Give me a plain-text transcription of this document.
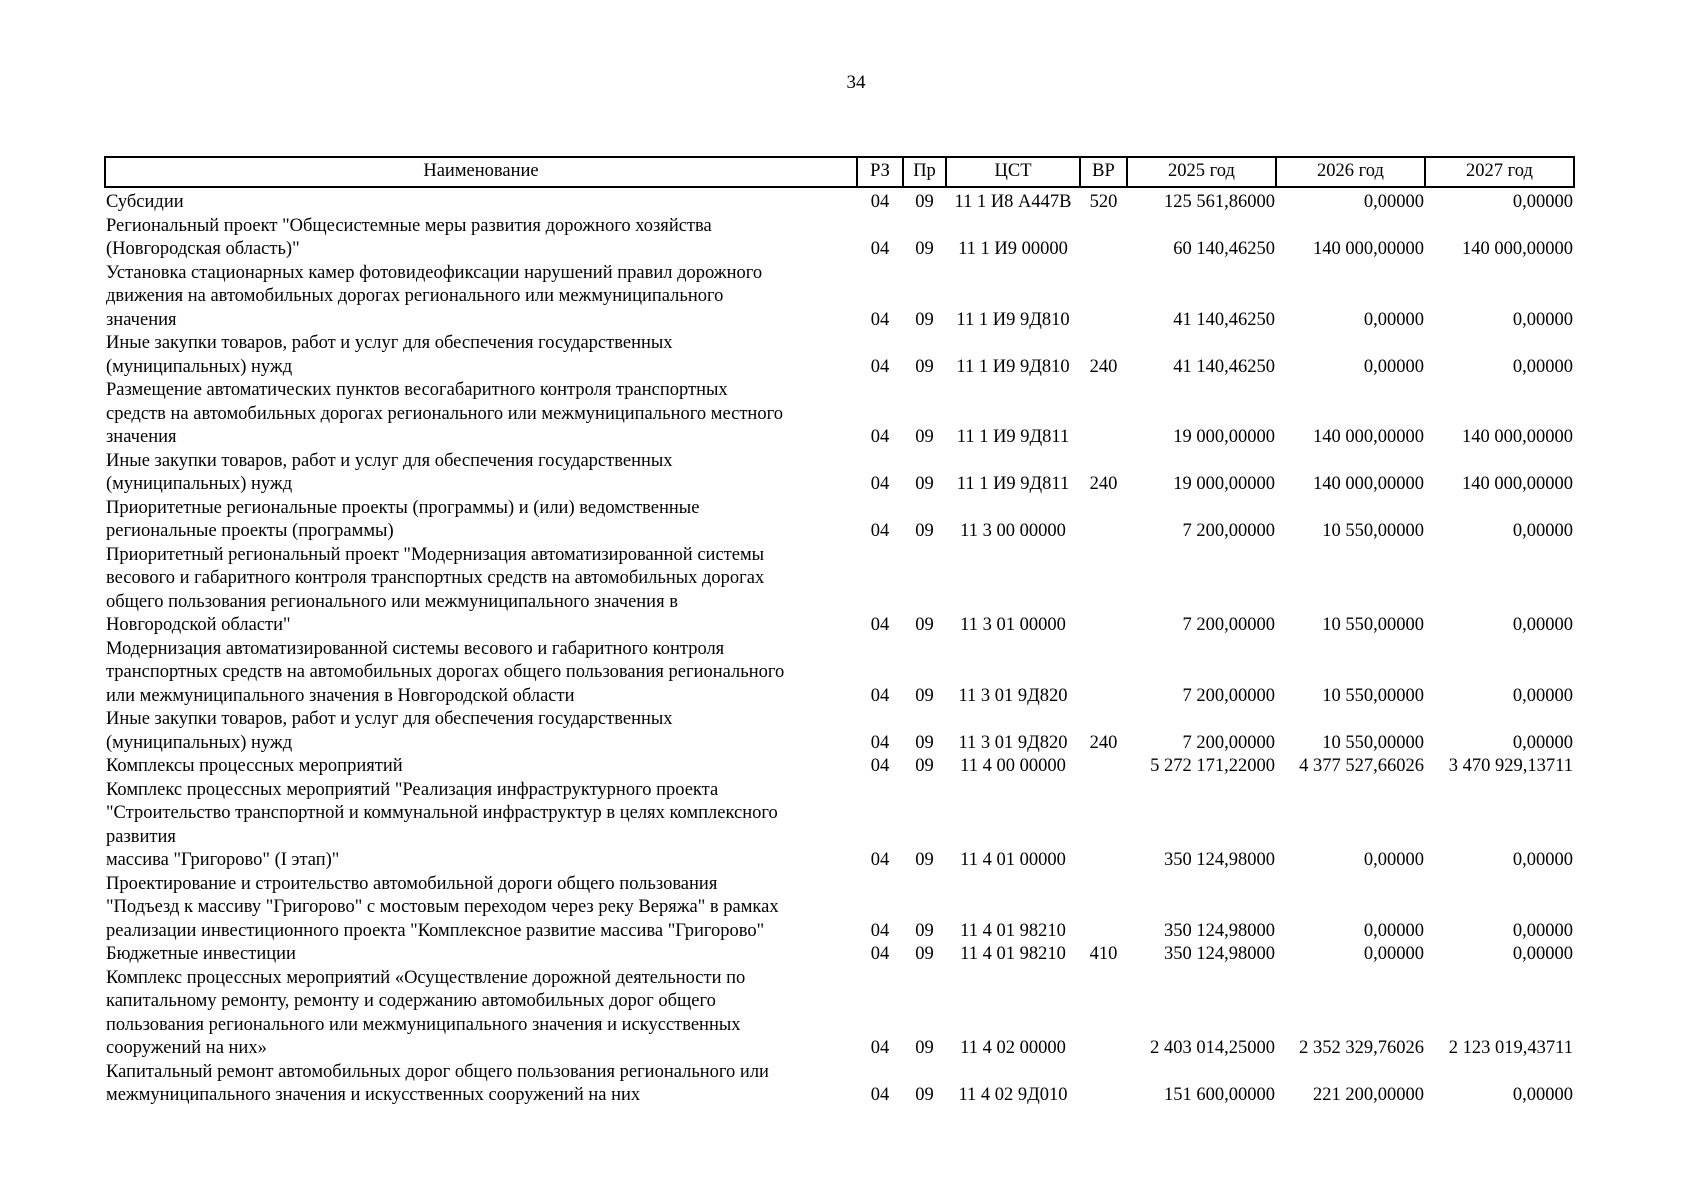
34
Наименование	РЗ	Пр	ЦСТ	ВР	2025 год	2026 год	2027 год
Субсидии	04	09	11 1 И8 А447В	520	125 561,86000	0,00000	0,00000
Региональный проект "Общесистемные меры развития дорожного хозяйства
(Новгородская область)"	04	09	11 1 И9 00000		60 140,46250	140 000,00000	140 000,00000
Установка стационарных камер фотовидеофиксации нарушений правил дорожного
движения на автомобильных дорогах регионального или межмуниципального
значения	04	09	11 1 И9 9Д810		41 140,46250	0,00000	0,00000
Иные закупки товаров, работ и услуг для обеспечения государственных
(муниципальных) нужд	04	09	11 1 И9 9Д810	240	41 140,46250	0,00000	0,00000
Размещение автоматических пунктов весогабаритного контроля транспортных
средств на автомобильных дорогах регионального или межмуниципального местного
значения	04	09	11 1 И9 9Д811		19 000,00000	140 000,00000	140 000,00000
Иные закупки товаров, работ и услуг для обеспечения государственных
(муниципальных) нужд	04	09	11 1 И9 9Д811	240	19 000,00000	140 000,00000	140 000,00000
Приоритетные региональные проекты (программы) и (или) ведомственные
региональные проекты (программы)	04	09	11 3 00 00000		7 200,00000	10 550,00000	0,00000
Приоритетный региональный проект "Модернизация автоматизированной системы
весового и габаритного контроля транспортных средств на автомобильных дорогах
общего пользования регионального или межмуниципального значения в
Новгородской области"	04	09	11 3 01 00000		7 200,00000	10 550,00000	0,00000
Модернизация автоматизированной системы весового и габаритного контроля
транспортных средств на автомобильных дорогах общего пользования регионального
или межмуниципального значения в Новгородской области	04	09	11 3 01 9Д820		7 200,00000	10 550,00000	0,00000
Иные закупки товаров, работ и услуг для обеспечения государственных
(муниципальных) нужд	04	09	11 3 01 9Д820	240	7 200,00000	10 550,00000	0,00000
Комплексы процессных мероприятий	04	09	11 4 00 00000		5 272 171,22000	4 377 527,66026	3 470 929,13711
Комплекс процессных мероприятий "Реализация инфраструктурного проекта
"Строительство транспортной и коммунальной инфраструктур в целях комплексного
развития
массива "Григорово" (I этап)"	04	09	11 4 01 00000		350 124,98000	0,00000	0,00000
Проектирование и строительство автомобильной дороги общего пользования
"Подъезд к массиву "Григорово" с мостовым переходом через реку Веряжа" в рамках
реализации инвестиционного проекта "Комплексное развитие массива "Григорово"	04	09	11 4 01 98210		350 124,98000	0,00000	0,00000
Бюджетные инвестиции	04	09	11 4 01 98210	410	350 124,98000	0,00000	0,00000
Комплекс процессных мероприятий «Осуществление дорожной деятельности по
капитальному ремонту, ремонту и содержанию автомобильных дорог общего
пользования регионального или межмуниципального значения и искусственных
сооружений на них»	04	09	11 4 02 00000		2 403 014,25000	2 352 329,76026	2 123 019,43711
Капитальный ремонт автомобильных дорог общего пользования регионального или
межмуниципального значения и искусственных сооружений на них	04	09	11 4 02 9Д010		151 600,00000	221 200,00000	0,00000
